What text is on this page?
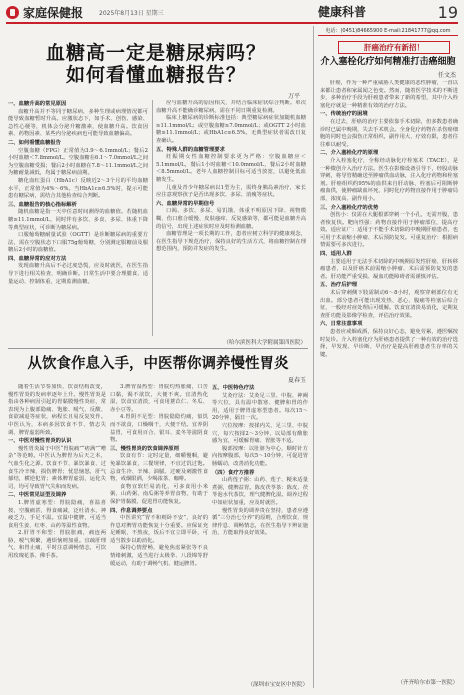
家庭保健报	2025年8月13日 星期三	健康科普	19
电话：(0451)84665900 E-mail:21841777@qq.com
血糖高一定是糖尿病吗？
如何看懂血糖报告？
万平

一、血糖升高的常见原因

血糖升高并不等同于糖尿病，多种生理或病理情况都可能导致血糖暂时升高。应激状态下，如手术、创伤、感染、急性心梗等，机体会分泌升糖激素，使血糖升高。饮食因素、药物因素、某些内分泌疾病也可能导致血糖偏高。

二、如何看懂血糖报告

空腹血糖（FPG）正常值为3.9～6.1mmol/L；餐后2小时血糖＜7.8mmol/L。空腹血糖在6.1～7.0mmol/L之间为空腹血糖受损；餐后2小时血糖在7.8～11.1mmol/L之间为糖耐量减低，均属于糖尿病前期。

糖化血红蛋白（HbA1c）反映近2～3个月的平均血糖水平，正常值为4%～6%。当HbA1c≥6.5%时，提示可能患有糖尿病，需结合其他检查综合判断。

三、血糖报告的核心指标解析

随机血糖是指一天中任意时间测得的血糖值。若随机血糖≥11.1mmol/L，同时伴有多饮、多食、多尿、体重下降等典型症状，可诊断为糖尿病。

口服葡萄糖耐量试验（OGTT）是诊断糖尿病的重要方法，需在空腹状态下口服75g葡萄糖，分别测定服糖前及服糖后2小时的血糖值。

四、血糖异常的应对方法

发现血糖升高后不必过度恐慌，应及时就医，在医生指导下进行相关检查，明确诊断。日常生活中要合理膳食、适量运动、控制体重，定期监测血糖。

应与血糖升高的原因相关，并结合临床症状综合判断。单次血糖升高不能确诊糖尿病，需在不同日期重复检测。

临床上糖尿病的诊断标准包括：典型糖尿病症状加随机血糖≥11.1mmol/L；或空腹血糖≥7.0mmol/L；或OGTT 2小时血糖≥11.1mmol/L；或HbA1c≥6.5%。无典型症状者需改日复查确认。

五、特殊人群的血糖管理要求

妊娠期女性血糖控制要求更为严格：空腹血糖应＜5.1mmol/L，餐后1小时血糖＜10.0mmol/L，餐后2小时血糖＜8.5mmol/L。老年人血糖控制目标可适当放宽，以避免低血糖发生。

儿童及青少年糖尿病以1型为主，需终身胰岛素治疗，家长应注意观察孩子是否出现多饮、多尿、消瘦等症状。

六、血糖异常的早期信号

口渴、多饮、多尿、易饥饿、体重不明原因下降、视物模糊、伤口愈合缓慢、皮肤瘙痒、反复感染等，都可能是血糖升高的信号，出现上述症状时应及时检测血糖。

血糖管理是一项长期的工作，患者应树立科学的健康观念，在医生指导下规范治疗，保持良好的生活方式，将血糖控制在理想范围内，预防并发症的发生。

（哈尔滨医科大学附属第四医院）
从饮食作息入手，中医帮你调养慢性胃炎
夏春玉

随着生活节奏加快、饮食结构改变，慢性胃炎的发病率逐年上升。慢性胃炎是指由各种病因引起的胃黏膜慢性炎症，常表现为上腹部隐痛、饱胀、嗳气、反酸、食欲减退等症状，病程长且易反复发作。中医认为，本病多因饮食不节、情志失调、脾胃虚弱所致。

一、中医对慢性胃炎的认识

慢性胃炎属于中医“胃脘痛”“痞满”“嘈杂”等范畴。中医认为脾胃为后天之本，气血生化之源。饮食不节、暴饮暴食、过食生冷辛辣，损伤脾胃；忧思恼怒，肝气郁结，横逆犯胃；素体脾胃虚弱，运化失司，均可导致胃气失和而发病。

二、中医常见证型及调养

1.脾胃虚寒型：胃脘隐痛，喜温喜按，空腹痛甚，得食痛减，泛吐清水，神疲乏力，手足不温。宜温中健脾，可适当食用生姜、红枣、山药等温性食物。

2.肝胃不和型：胃脘胀痛，痛连两胁，嗳气频繁，遇烦恼则加重。宜疏肝理气、和胃止痛，平时注意调畅情志，可饮用玫瑰花茶、佛手茶。

3.脾胃湿热型：胃脘灼热胀痛，口苦口黏，渴不欲饮，大便不爽。宜清热化湿，饮食宜清淡，可食用薏苡仁、冬瓜、赤小豆等。

4.胃阴不足型：胃脘隐隐灼痛，似饥而不欲食，口燥咽干，大便干结。宜养阴益胃，可食用百合、银耳、麦冬等滋阴食物。

三、慢性胃炎的饮食调养原则

饮食有节：定时定量，细嚼慢咽，避免暴饮暴食，三餐规律，不宜过饥过饱。忌食生冷、辛辣、油腻、过硬及刺激性食物，戒烟限酒，少喝浓茶、咖啡。

食物宜软烂易消化，可多食用小米粥、山药粥、南瓜粥等养胃食物，有助于保护胃黏膜、促进胃功能恢复。

四、作息调养要点

中医讲究“胃不和则卧不安”，良好的作息对脾胃功能恢复十分重要。应保证充足睡眠，不熬夜，饭后不宜立即平卧，可适当散步以助消化。

保持心情舒畅，避免焦虑紧张等不良情绪刺激，适当进行太极拳、八段锦等舒缓运动，有助于调畅气机、健运脾胃。

五、中医特色疗法

艾灸疗法：艾灸足三里、中脘、神阙等穴位，具有温中散寒、健脾和胃的作用，适用于脾胃虚寒型患者。每次15～20分钟，隔日一次。

穴位按摩：按揉内关、足三里、中脘穴，每穴按揉2～3分钟，以局部有酸胀感为宜，可缓解胃痛、胃胀等不适。

腹部按摩：以肚脐为中心，顺时针方向按摩腹部，每次5～10分钟，可促进胃肠蠕动，改善消化功能。

（四）食疗方推荐

山药莲子粥：山药、莲子、粳米适量煮粥，健脾益胃。陈皮茯苓茶：陈皮、茯苓泡水代茶饮，理气健脾化湿。调养过程中如症状加重，应及时就医。

慢性胃炎的调养贵在坚持，患者应遵循“三分治七分养”的原则，合理饮食、规律作息、调畅情志，在医生指导下辨证施治，方能取得良好效果。

（深圳市宝安区中医院）
肝癌治疗有新招！
介入塞栓化疗如何精准打击癌细胞
任文杰

肝癌，作为一种严重威胁人类健康的恶性肿瘤，一直以来都让患者和家属闻之色变。然而，随着医学技术的不断进步，多种治疗手段为肝癌患者带来了新的希望，其中介入栓塞化疗就是一种精准有效的治疗方法。

一、传统治疗的困境

在过去，肝癌的治疗主要依靠手术切除，但多数患者确诊时已属中晚期，失去手术机会。全身化疗药物在杀伤癌细胞的同时也会损伤正常组织，副作用大、疗效有限，患者往往难以耐受。

二、介入塞栓化疗的原理

介入栓塞化疗，全称经动脉化疗栓塞术（TACE），是一种微创介入治疗方法。医生在影像设备引导下，经股动脉穿刺，将导管精确送至肿瘤供血动脉，注入化疗药物和栓塞剂。肝癌组织约95%的血供来自肝动脉，栓塞后可阻断肿瘤血供，使肿瘤缺血坏死，同时化疗药物直接作用于肿瘤局部，浓度高、副作用小。

三、介入塞栓化疗的优势

创伤小：仅需在大腿根部穿刺一个小孔，无需开腹，患者恢复快。靶向性强：药物直接作用于肿瘤部位，提高疗效。适应证广：适用于不能手术切除的中晚期肝癌患者，也可用于术前缩小肿瘤、术后预防复发。可重复治疗：根据病情需要可多次进行。

四、适用人群

主要适用于无法手术切除的中晚期原发性肝癌、肝转移瘤患者，以及肝癌术前需缩小肿瘤、术后需预防复发的患者。肝功能严重受损、凝血功能障碍者需谨慎评估。

五、治疗后护理

术后穿刺侧下肢需制动6～8小时，观察穿刺部位有无出血。部分患者可能出现发热、恶心、腹痛等栓塞后综合征，一般经对症处理后可缓解。饮食宜清淡易消化，定期复查肝功能及影像学检查，评估治疗效果。

六、日常注意事项

患者应戒烟戒酒，保持良好心态，避免劳累，遵医嘱按时复诊。介入栓塞化疗为肝癌患者提供了一种有效的治疗选择，早发现、早诊断、早治疗是提高肝癌患者生存率的关键。

（齐齐哈尔市第一医院）
